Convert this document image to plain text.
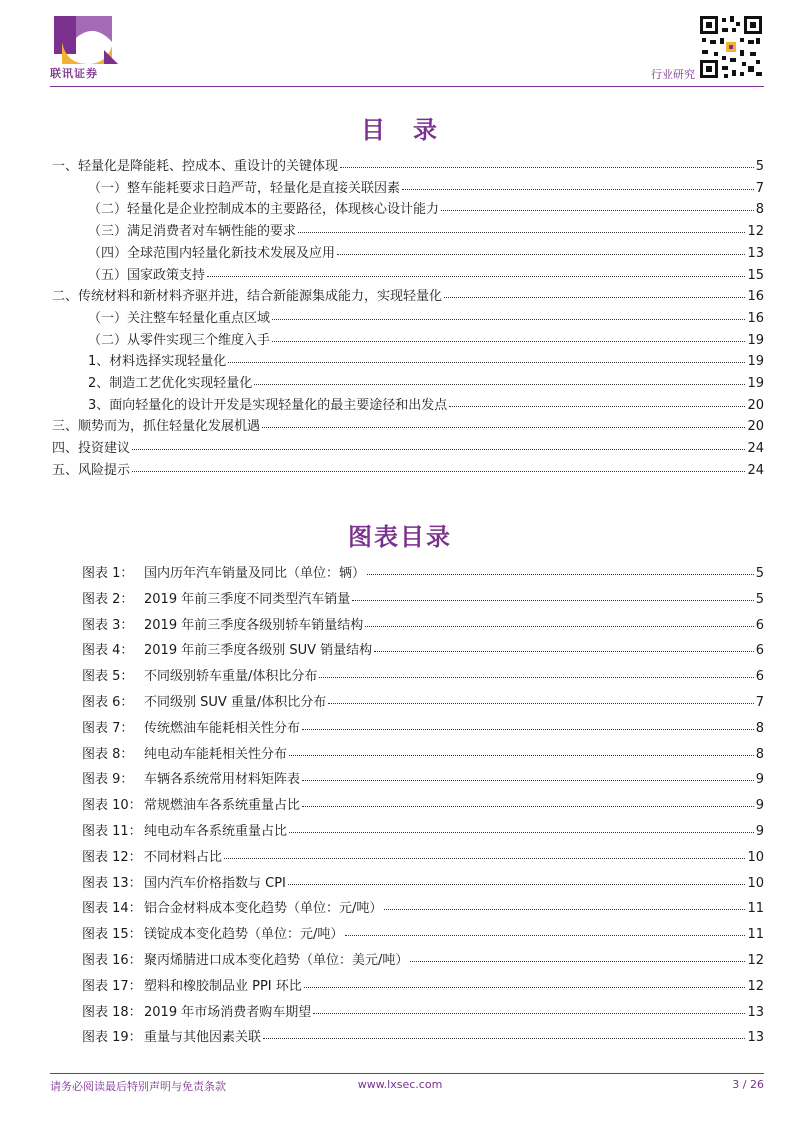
联讯证券	行业研究
目　录
一、轻量化是降能耗、控成本、重设计的关键体现	5
（一）整车能耗要求日趋严苛，轻量化是直接关联因素	7
（二）轻量化是企业控制成本的主要路径，体现核心设计能力	8
（三）满足消费者对车辆性能的要求	12
（四）全球范围内轻量化新技术发展及应用	13
（五）国家政策支持	15
二、传统材料和新材料齐驱并进，结合新能源集成能力，实现轻量化	16
（一）关注整车轻量化重点区域	16
（二）从零件实现三个维度入手	19
1、材料选择实现轻量化	19
2、制造工艺优化实现轻量化	19
3、面向轻量化的设计开发是实现轻量化的最主要途径和出发点	20
三、顺势而为，抓住轻量化发展机遇	20
四、投资建议	24
五、风险提示	24
图表目录
图表 1： 国内历年汽车销量及同比（单位：辆）	5
图表 2： 2019 年前三季度不同类型汽车销量	5
图表 3： 2019 年前三季度各级别轿车销量结构	6
图表 4： 2019 年前三季度各级别 SUV 销量结构	6
图表 5： 不同级别轿车重量/体积比分布	6
图表 6： 不同级别 SUV 重量/体积比分布	7
图表 7： 传统燃油车能耗相关性分布	8
图表 8： 纯电动车能耗相关性分布	8
图表 9： 车辆各系统常用材料矩阵表	9
图表 10： 常规燃油车各系统重量占比	9
图表 11： 纯电动车各系统重量占比	9
图表 12： 不同材料占比	10
图表 13： 国内汽车价格指数与 CPI	10
图表 14： 铝合金材料成本变化趋势（单位：元/吨）	11
图表 15： 镁锭成本变化趋势（单位：元/吨）	11
图表 16： 聚丙烯腈进口成本变化趋势（单位：美元/吨）	12
图表 17： 塑料和橡胶制品业 PPI 环比	12
图表 18： 2019 年市场消费者购车期望	13
图表 19： 重量与其他因素关联	13
请务必阅读最后特别声明与免责条款	www.lxsec.com	3 / 26
